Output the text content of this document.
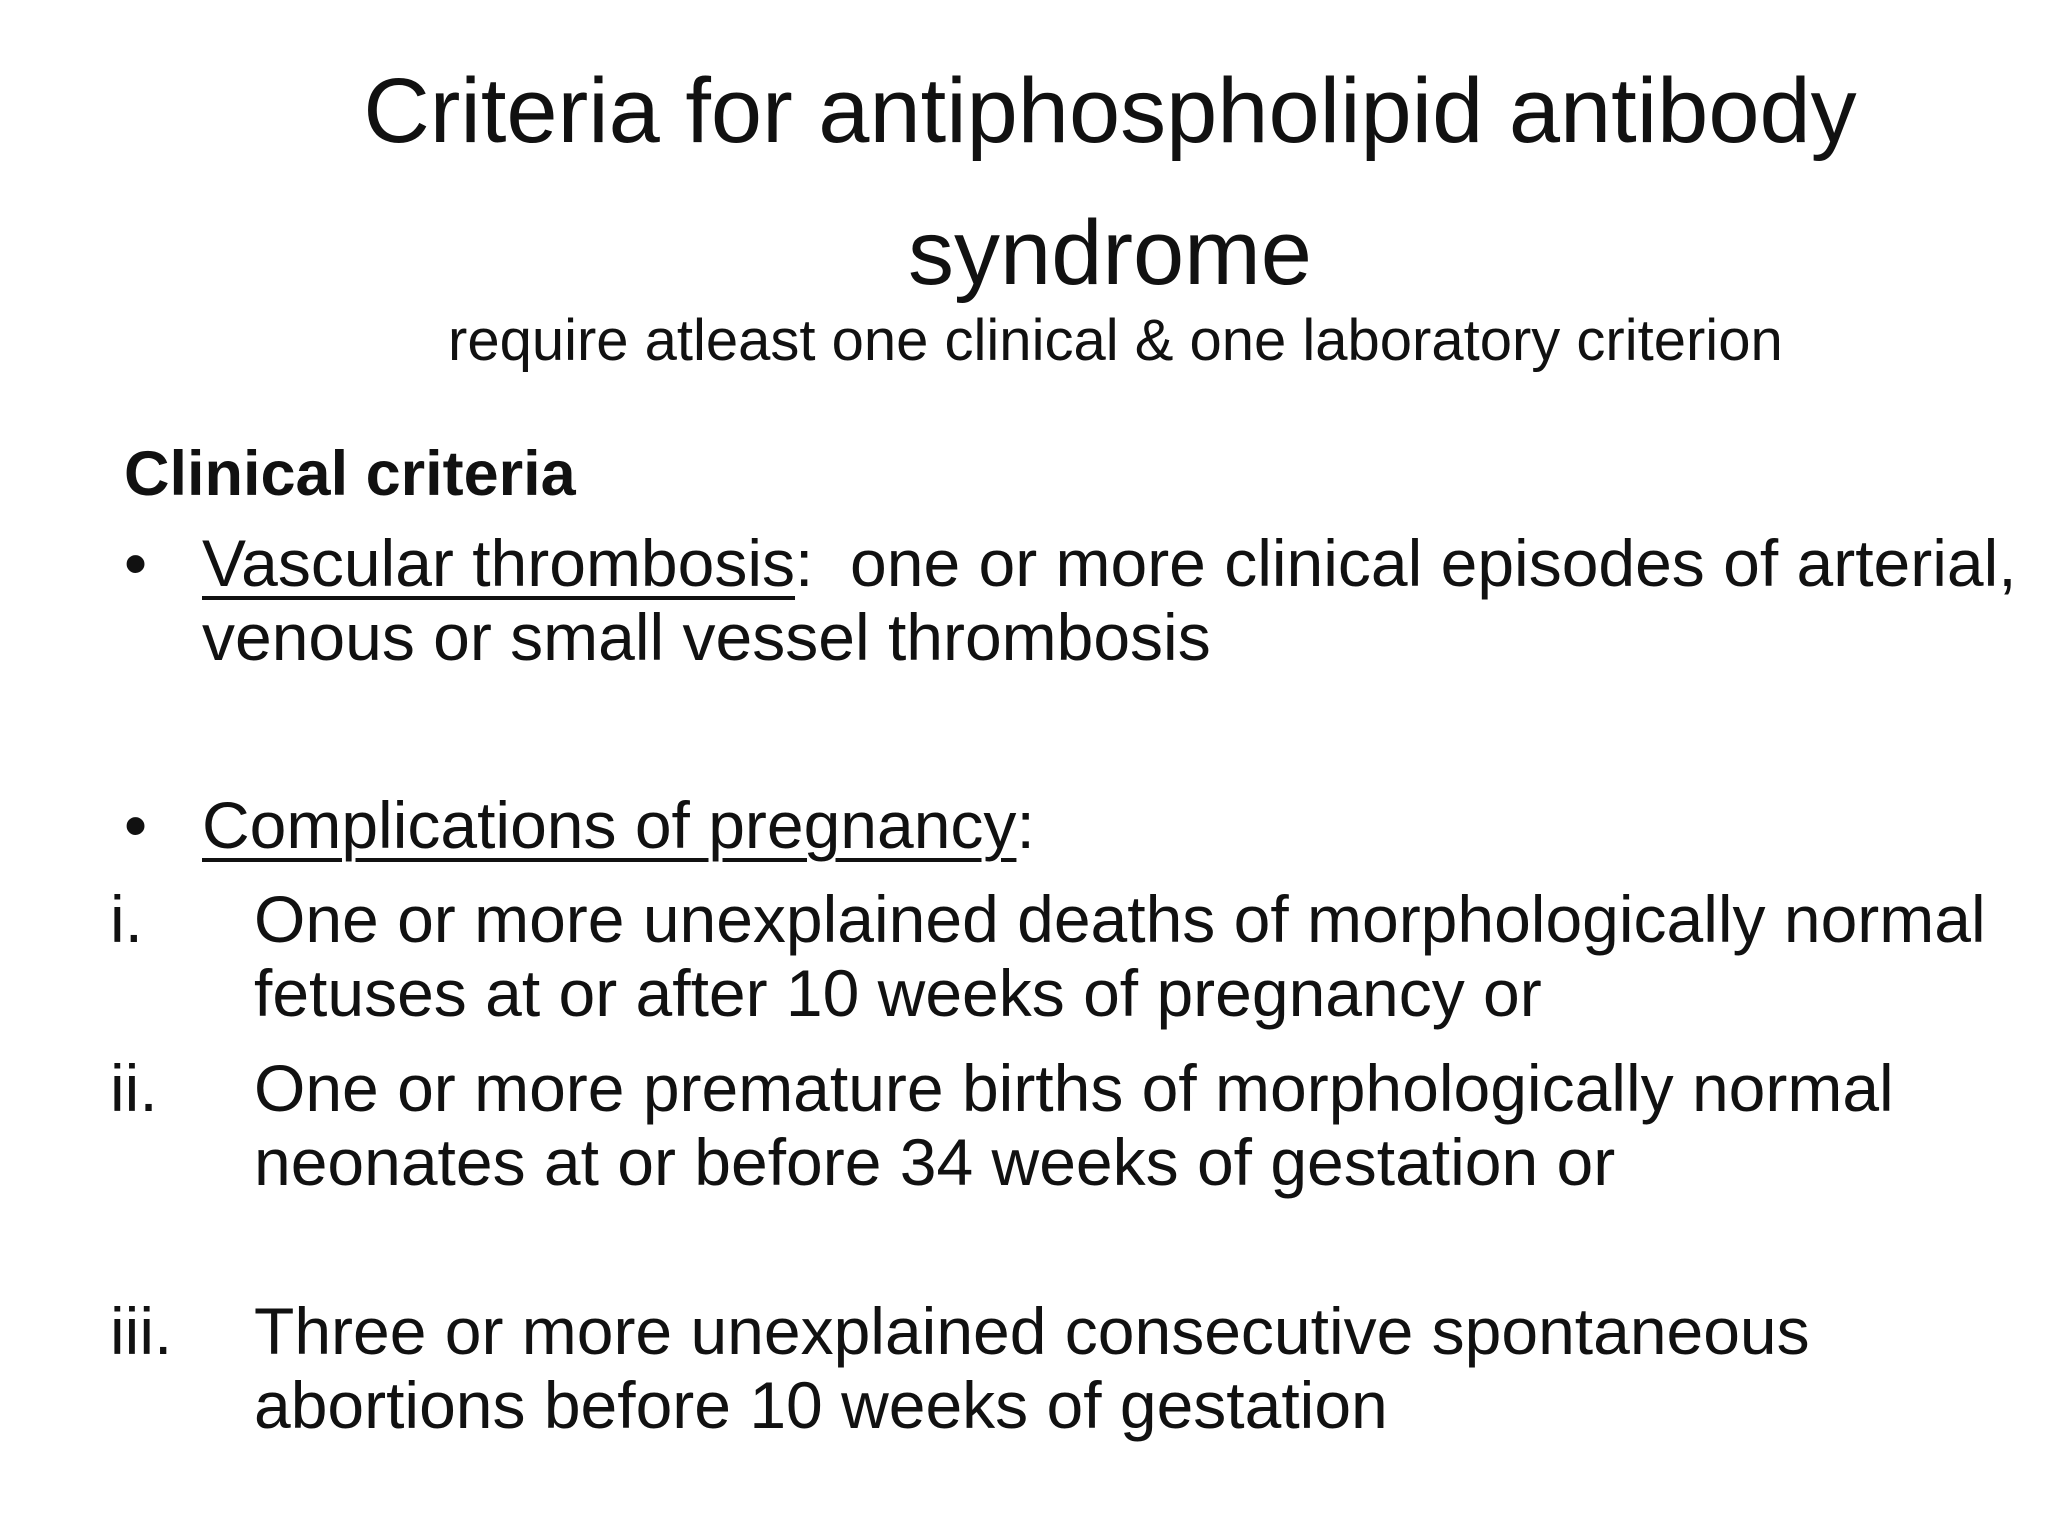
Criteria for antiphospholipid antibody syndrome
require atleast one clinical & one laboratory criterion
Clinical criteria
• Vascular thrombosis:  one or more clinical episodes of arterial, venous or small vessel thrombosis
• Complications of pregnancy:
i.	One or more unexplained deaths of morphologically normal fetuses at or after 10 weeks of pregnancy or
ii.	One or more premature births of morphologically normal neonates at or before 34 weeks of gestation or
iii.	Three or more unexplained consecutive spontaneous abortions before 10 weeks of gestation
